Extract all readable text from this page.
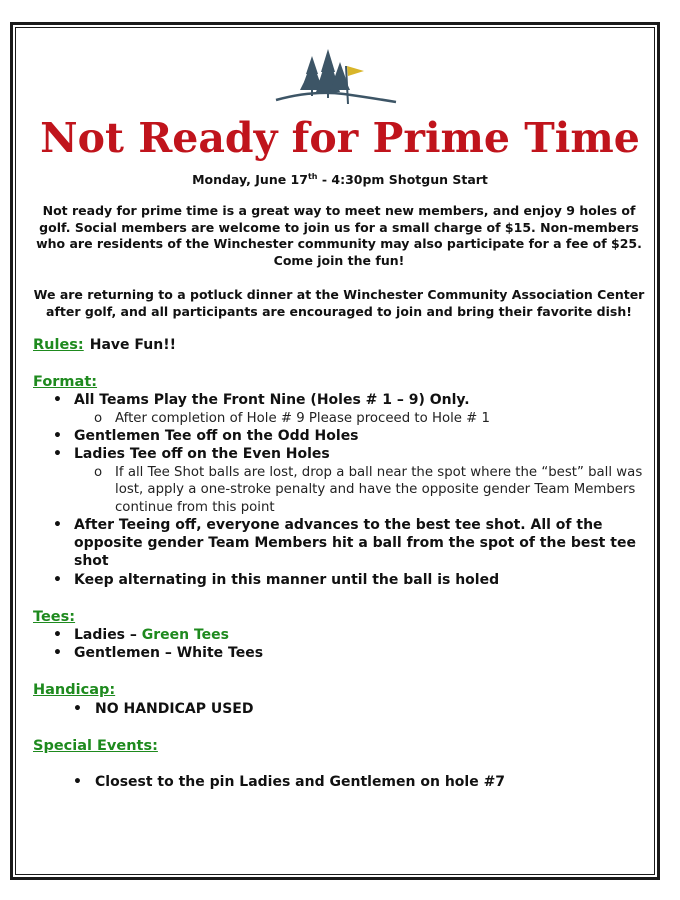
Not Ready for Prime Time
Monday, June 17th - 4:30pm Shotgun Start

Not ready for prime time is a great way to meet new members, and enjoy 9 holes of golf. Social members are welcome to join us for a small charge of $15. Non-members who are residents of the Winchester community may also participate for a fee of $25. Come join the fun!

We are returning to a potluck dinner at the Winchester Community Association Center after golf, and all participants are encouraged to join and bring their favorite dish!

Rules: Have Fun!!
Format:
• All Teams Play the Front Nine (Holes # 1 – 9) Only.
o After completion of Hole # 9 Please proceed to Hole # 1
• Gentlemen Tee off on the Odd Holes
• Ladies Tee off on the Even Holes
o If all Tee Shot balls are lost, drop a ball near the spot where the “best” ball was lost, apply a one-stroke penalty and have the opposite gender Team Members continue from this point
• After Teeing off, everyone advances to the best tee shot. All of the opposite gender Team Members hit a ball from the spot of the best tee shot
• Keep alternating in this manner until the ball is holed
Tees:
• Ladies – Green Tees
• Gentlemen – White Tees
Handicap:
• NO HANDICAP USED
Special Events:
• Closest to the pin Ladies and Gentlemen on hole #7
